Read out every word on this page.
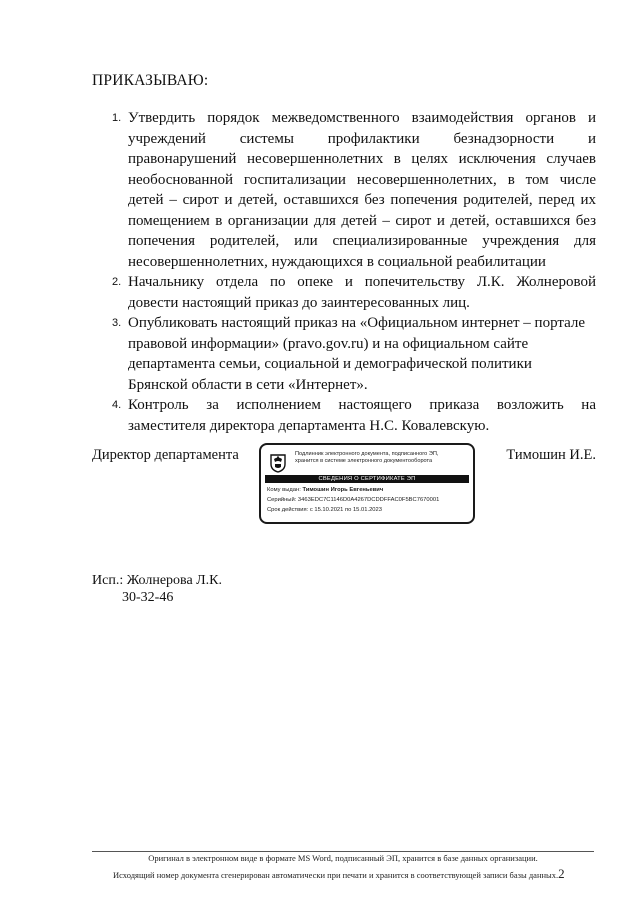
ПРИКАЗЫВАЮ:
1. Утвердить порядок межведомственного взаимодействия органов и

учреждений системы профилактики безнадзорности и

правонарушений несовершеннолетних в целях исключения случаев

необоснованной госпитализации несовершеннолетних, в том числе

детей – сирот и детей, оставшихся без попечения родителей, перед их

помещением в организации для детей – сирот и детей, оставшихся без

попечения родителей, или специализированные учреждения для

несовершеннолетних, нуждающихся в социальной реабилитации

2. Начальнику отдела по опеке и попечительству Л.К. Жолнеровой

довести настоящий приказ до заинтересованных лиц.

3. Опубликовать настоящий приказ на «Официальном интернет – портале

правовой информации» (pravo.gov.ru) и на официальном сайте

департамента семьи, социальной и демографической политики

Брянской области в сети «Интернет».

4. Контроль за исполнением настоящего приказа возложить на

заместителя директора департамента Н.С. Ковалевскую.

Директор департамента	Тимошин И.Е.
Подлинник электронного документа, подписанного ЭП,
хранится в системе электронного документооборота
СВЕДЕНИЯ О СЕРТИФИКАТЕ ЭП
Кому выдан: Тимошин Игорь Евгеньевич
Серийный: 3463EDC7C1146D0A4267DCDDFFAC0F5BC7670001
Срок действия: с 15.10.2021 по 15.01.2023
Исп.: Жолнерова Л.К.
30-32-46
Оригинал в электронном виде в формате MS Word, подписанный ЭП, хранится в базе данных организации.
Исходящий номер документа сгенерирован автоматически при печати и хранится в соответствующей записи базы данных.2
